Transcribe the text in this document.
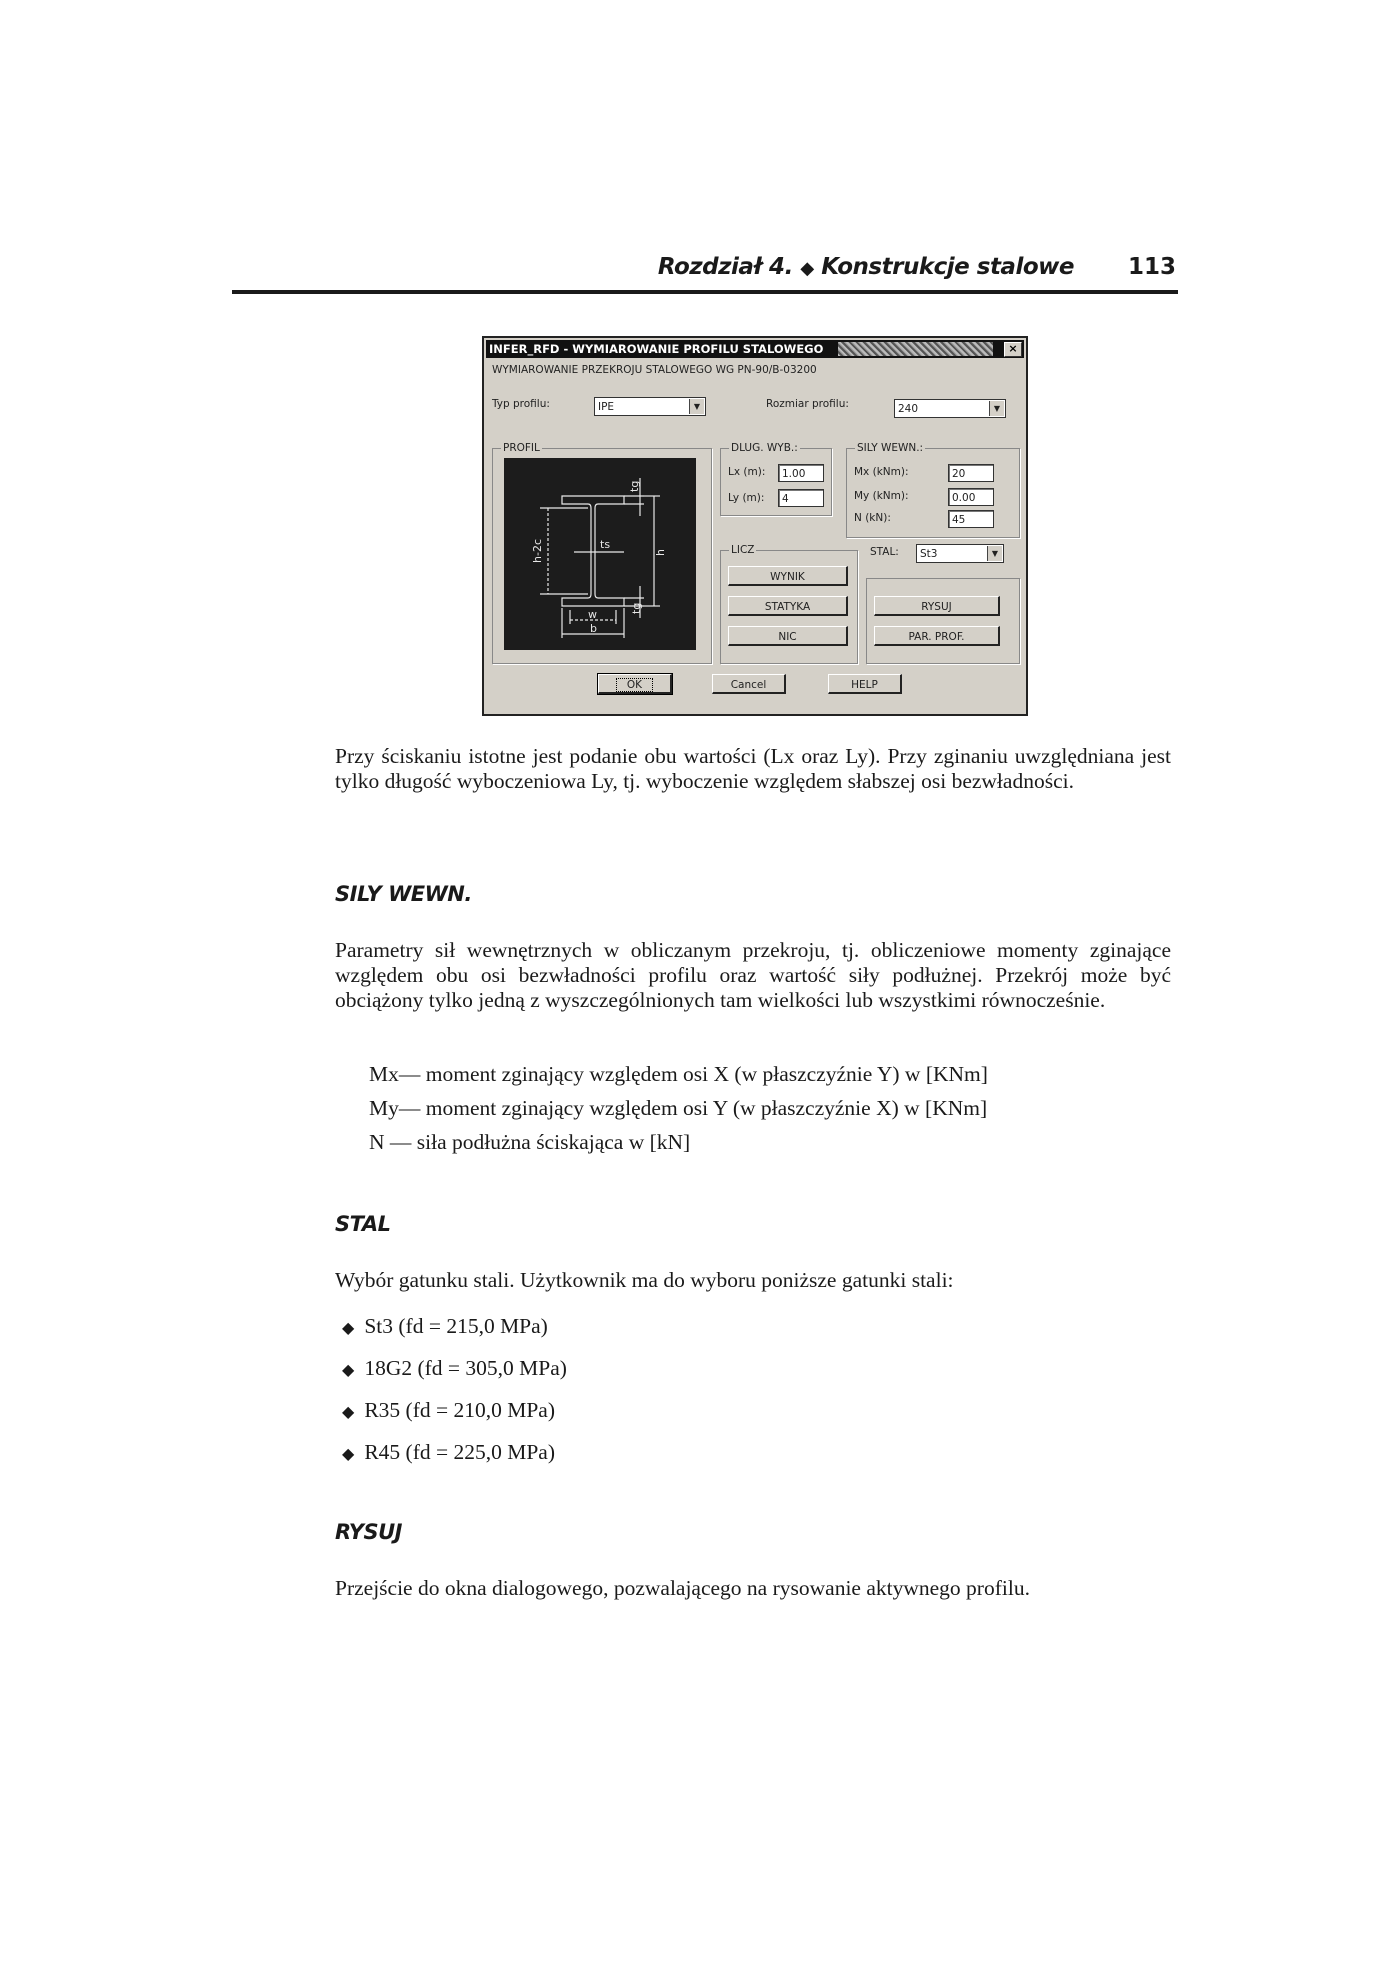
Rozdział 4. ◆ Konstrukcje stalowe 113
INFER_RFD - WYMIAROWANIE PROFILU STALOWEGO	×
WYMIAROWANIE PRZEKROJU STALOWEGO WG PN-90/B-03200
Typ profilu:	IPE	▼	Rozmiar profilu:	240	▼
PROFIL
tg
h-2c	ts
h
tg
w
b
DLUG. WYB.:
Lx (m):	1.00
Ly (m):	4
SILY WEWN.:
Mx (kNm):	20
My (kNm):	0.00
N (kN):	45
LICZ
WYNIK
STATYKA
NIC
STAL:	St3	▼
RYSUJ
PAR. PROF.
OK	Cancel	HELP
Przy ściskaniu istotne jest podanie obu wartości (Lx oraz Ly). Przy zginaniu uwzględniana jest tylko długość wyboczeniowa Ly, tj. wyboczenie względem słabszej osi bezwładności.
SILY WEWN.
Parametry sił wewnętrznych w obliczanym przekroju, tj. obliczeniowe momenty zginające względem obu osi bezwładności profilu oraz wartość siły podłużnej. Przekrój może być obciążony tylko jedną z wyszczególnionych tam wielkości lub wszystkimi równocześnie.
Mx— moment zginający względem osi X (w płaszczyźnie Y) w [KNm]
My— moment zginający względem osi Y (w płaszczyźnie X) w [KNm]
N — siła podłużna ściskająca w [kN]
STAL
Wybór gatunku stali. Użytkownik ma do wyboru poniższe gatunki stali:
◆ St3 (fd = 215,0 MPa)
◆ 18G2 (fd = 305,0 MPa)
◆ R35 (fd = 210,0 MPa)
◆ R45 (fd = 225,0 MPa)
RYSUJ
Przejście do okna dialogowego, pozwalającego na rysowanie aktywnego profilu.
